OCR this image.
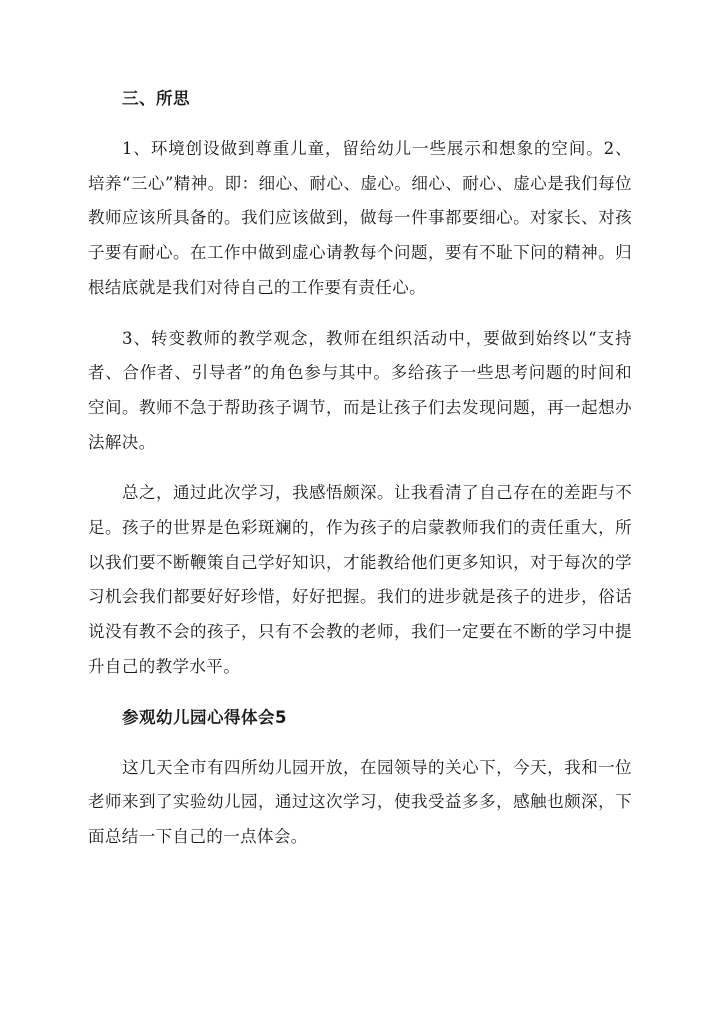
三、所思

1、环境创设做到尊重儿童，留给幼儿一些展示和想象的空间。2、培养“三心”精神。即：细心、耐心、虚心。细心、耐心、虚心是我们每位教师应该所具备的。我们应该做到，做每一件事都要细心。对家长、对孩子要有耐心。在工作中做到虚心请教每个问题，要有不耻下问的精神。归根结底就是我们对待自己的工作要有责任心。

3、转变教师的教学观念，教师在组织活动中，要做到始终以“支持者、合作者、引导者”的角色参与其中。多给孩子一些思考问题的时间和空间。教师不急于帮助孩子调节，而是让孩子们去发现问题，再一起想办法解决。

总之，通过此次学习，我感悟颇深。让我看清了自己存在的差距与不足。孩子的世界是色彩斑斓的，作为孩子的启蒙教师我们的责任重大，所以我们要不断鞭策自己学好知识，才能教给他们更多知识，对于每次的学习机会我们都要好好珍惜，好好把握。我们的进步就是孩子的进步，俗话说没有教不会的孩子，只有不会教的老师，我们一定要在不断的学习中提升自己的教学水平。

参观幼儿园心得体会5

这几天全市有四所幼儿园开放，在园领导的关心下，今天，我和一位老师来到了实验幼儿园，通过这次学习，使我受益多多，感触也颇深，下面总结一下自己的一点体会。
